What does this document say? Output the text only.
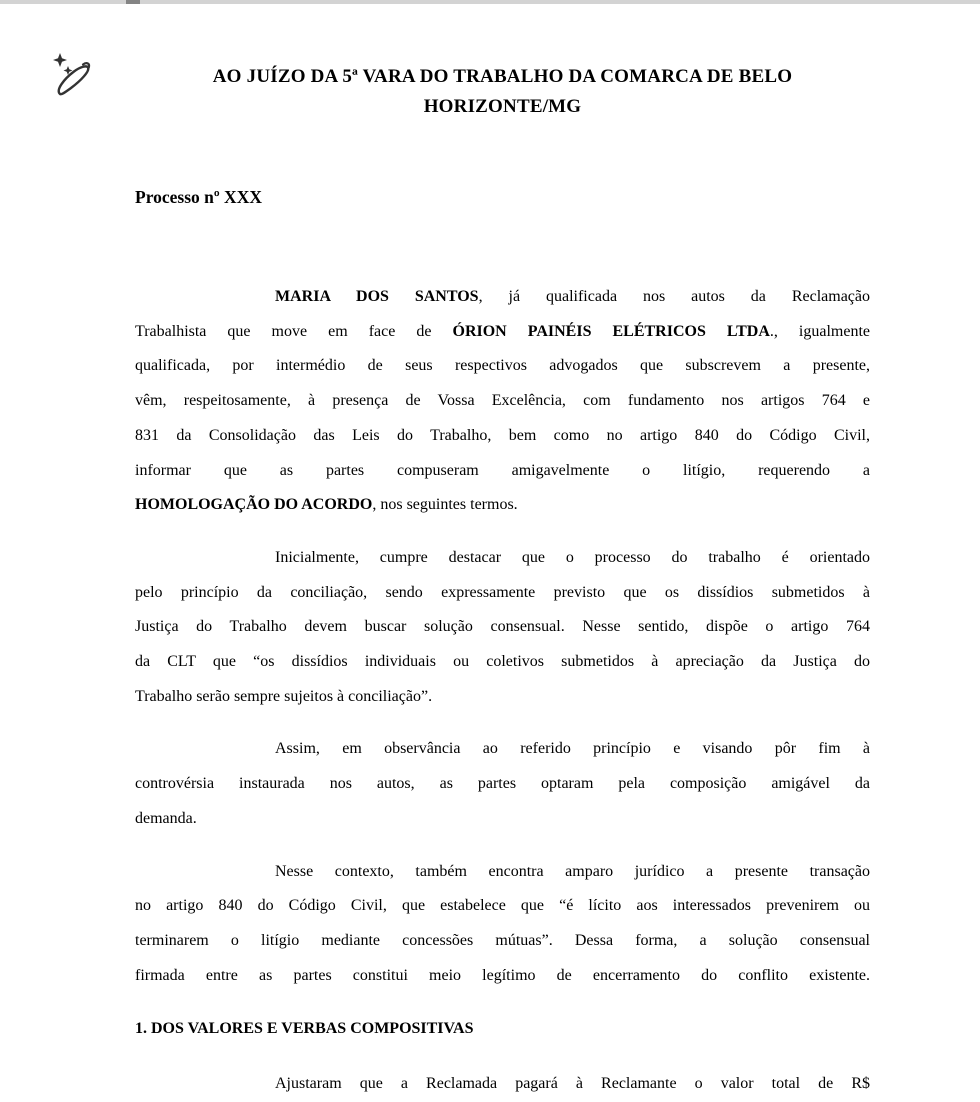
AO JUÍZO DA 5ª VARA DO TRABALHO DA COMARCA DE BELO
HORIZONTE/MG
Processo nº XXX
MARIA DOS SANTOS, já qualificada nos autos da Reclamação
Trabalhista que move em face de ÓRION PAINÉIS ELÉTRICOS LTDA., igualmente
qualificada, por intermédio de seus respectivos advogados que subscrevem a presente,
vêm, respeitosamente, à presença de Vossa Excelência, com fundamento nos artigos 764 e
831 da Consolidação das Leis do Trabalho, bem como no artigo 840 do Código Civil,
informar que as partes compuseram amigavelmente o litígio, requerendo a
HOMOLOGAÇÃO DO ACORDO, nos seguintes termos.
Inicialmente, cumpre destacar que o processo do trabalho é orientado
pelo princípio da conciliação, sendo expressamente previsto que os dissídios submetidos à
Justiça do Trabalho devem buscar solução consensual. Nesse sentido, dispõe o artigo 764
da CLT que “os dissídios individuais ou coletivos submetidos à apreciação da Justiça do
Trabalho serão sempre sujeitos à conciliação”.
Assim, em observância ao referido princípio e visando pôr fim à
controvérsia instaurada nos autos, as partes optaram pela composição amigável da
demanda.
Nesse contexto, também encontra amparo jurídico a presente transação
no artigo 840 do Código Civil, que estabelece que “é lícito aos interessados prevenirem ou
terminarem o litígio mediante concessões mútuas”. Dessa forma, a solução consensual
firmada entre as partes constitui meio legítimo de encerramento do conflito existente.
1. DOS VALORES E VERBAS COMPOSITIVAS
Ajustaram que a Reclamada pagará à Reclamante o valor total de R$
